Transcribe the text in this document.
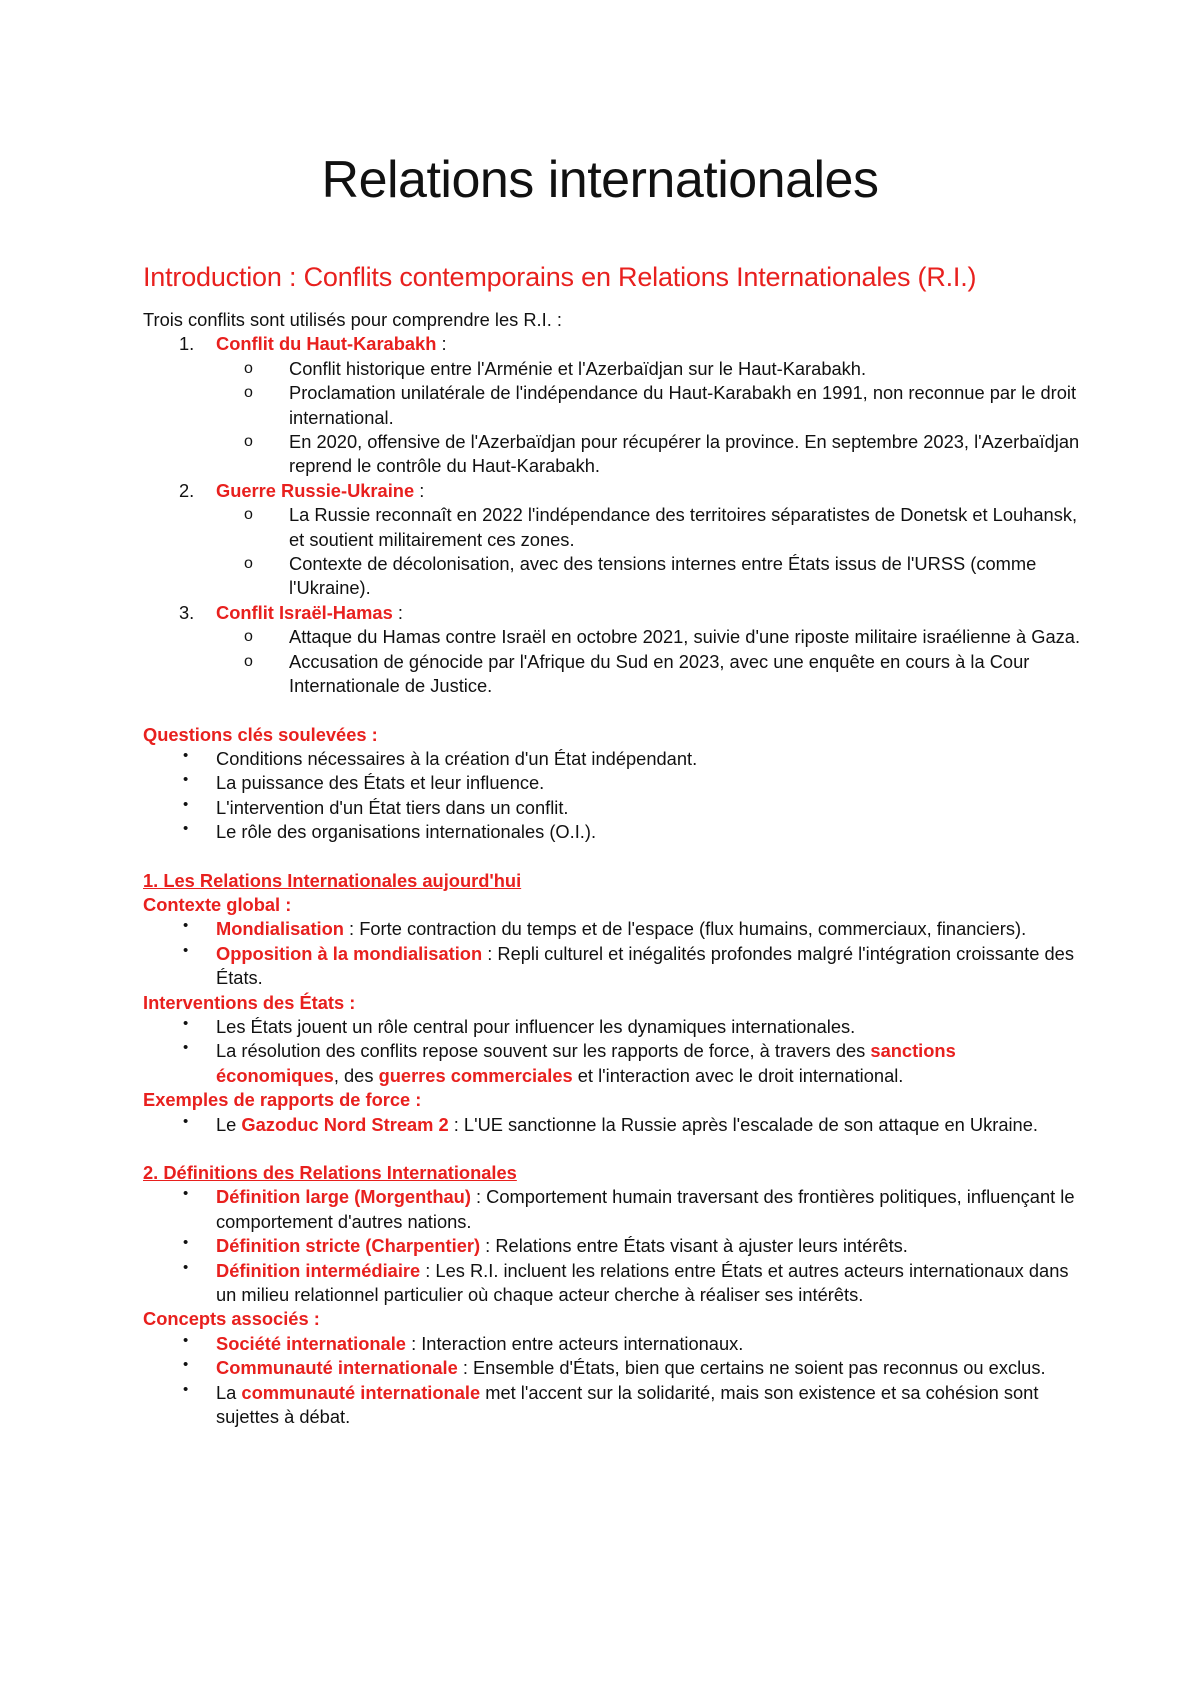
Relations internationales
Introduction : Conflits contemporains en Relations Internationales (R.I.)

Trois conflits sont utilisés pour comprendre les R.I. :

1. Conflit du Haut-Karabakh :
o Conflit historique entre l'Arménie et l'Azerbaïdjan sur le Haut-Karabakh.
o Proclamation unilatérale de l'indépendance du Haut-Karabakh en 1991, non reconnue par le droit international.
o En 2020, offensive de l'Azerbaïdjan pour récupérer la province. En septembre 2023, l'Azerbaïdjan reprend le contrôle du Haut-Karabakh.
2. Guerre Russie-Ukraine :
o La Russie reconnaît en 2022 l'indépendance des territoires séparatistes de Donetsk et Louhansk, et soutient militairement ces zones.
o Contexte de décolonisation, avec des tensions internes entre États issus de l'URSS (comme l'Ukraine).
3. Conflit Israël-Hamas :
o Attaque du Hamas contre Israël en octobre 2021, suivie d'une riposte militaire israélienne à Gaza.
o Accusation de génocide par l'Afrique du Sud en 2023, avec une enquête en cours à la Cour Internationale de Justice.

Questions clés soulevées :

• Conditions nécessaires à la création d'un État indépendant.
• La puissance des États et leur influence.
• L'intervention d'un État tiers dans un conflit.
• Le rôle des organisations internationales (O.I.).

1. Les Relations Internationales aujourd'hui

Contexte global :

• Mondialisation : Forte contraction du temps et de l'espace (flux humains, commerciaux, financiers).
• Opposition à la mondialisation : Repli culturel et inégalités profondes malgré l'intégration croissante des États.

Interventions des États :

• Les États jouent un rôle central pour influencer les dynamiques internationales.
• La résolution des conflits repose souvent sur les rapports de force, à travers des sanctions économiques, des guerres commerciales et l'interaction avec le droit international.

Exemples de rapports de force :

• Le Gazoduc Nord Stream 2 : L'UE sanctionne la Russie après l'escalade de son attaque en Ukraine.

2. Définitions des Relations Internationales

• Définition large (Morgenthau) : Comportement humain traversant des frontières politiques, influençant le comportement d'autres nations.
• Définition stricte (Charpentier) : Relations entre États visant à ajuster leurs intérêts.
• Définition intermédiaire : Les R.I. incluent les relations entre États et autres acteurs internationaux dans un milieu relationnel particulier où chaque acteur cherche à réaliser ses intérêts.

Concepts associés :

• Société internationale : Interaction entre acteurs internationaux.
• Communauté internationale : Ensemble d'États, bien que certains ne soient pas reconnus ou exclus.
• La communauté internationale met l'accent sur la solidarité, mais son existence et sa cohésion sont sujettes à débat.
